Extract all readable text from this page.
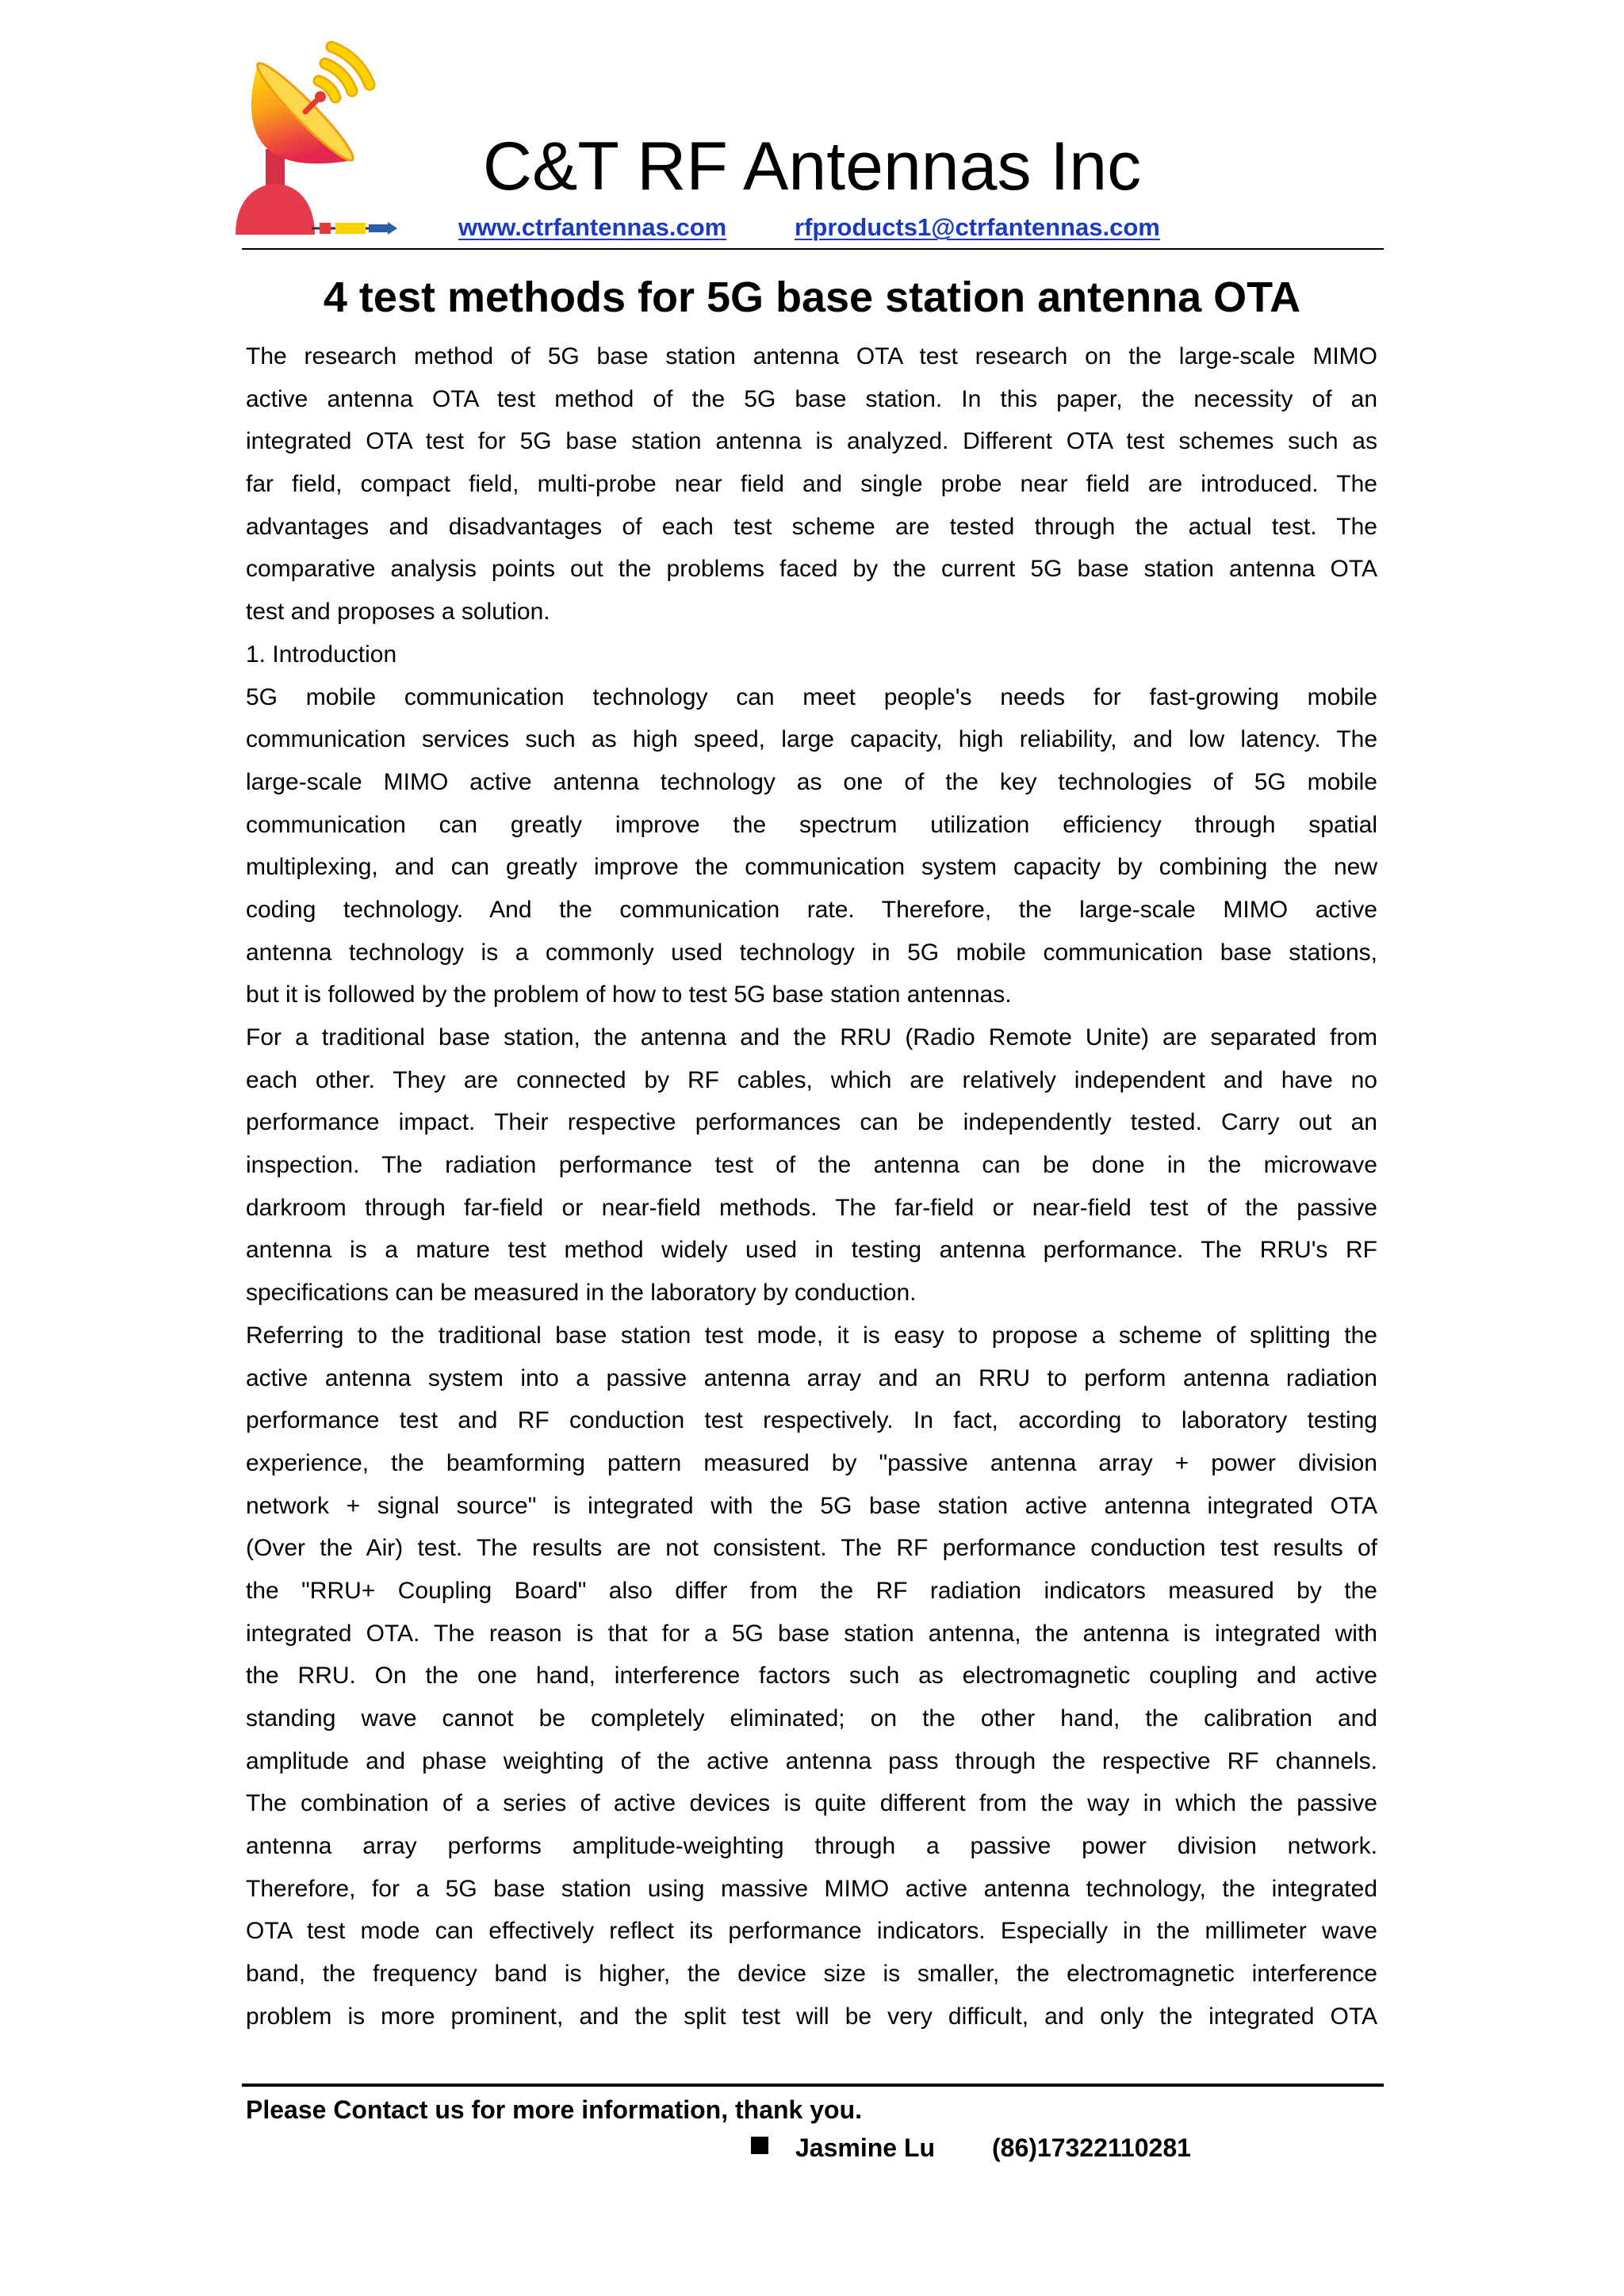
C&T RF Antennas Inc
www.ctrfantennas.com	rfproducts1@ctrfantennas.com
4 test methods for 5G base station antenna OTA
The research method of 5G base station antenna OTA test research on the large-scale MIMO
active antenna OTA test method of the 5G base station. In this paper, the necessity of an
integrated OTA test for 5G base station antenna is analyzed. Different OTA test schemes such as
far field, compact field, multi-probe near field and single probe near field are introduced. The
advantages and disadvantages of each test scheme are tested through the actual test. The
comparative analysis points out the problems faced by the current 5G base station antenna OTA
test and proposes a solution.
1. Introduction
5G mobile communication technology can meet people's needs for fast-growing mobile
communication services such as high speed, large capacity, high reliability, and low latency. The
large-scale MIMO active antenna technology as one of the key technologies of 5G mobile
communication can greatly improve the spectrum utilization efficiency through spatial
multiplexing, and can greatly improve the communication system capacity by combining the new
coding technology. And the communication rate. Therefore, the large-scale MIMO active
antenna technology is a commonly used technology in 5G mobile communication base stations,
but it is followed by the problem of how to test 5G base station antennas.
For a traditional base station, the antenna and the RRU (Radio Remote Unite) are separated from
each other. They are connected by RF cables, which are relatively independent and have no
performance impact. Their respective performances can be independently tested. Carry out an
inspection. The radiation performance test of the antenna can be done in the microwave
darkroom through far-field or near-field methods. The far-field or near-field test of the passive
antenna is a mature test method widely used in testing antenna performance. The RRU's RF
specifications can be measured in the laboratory by conduction.
Referring to the traditional base station test mode, it is easy to propose a scheme of splitting the
active antenna system into a passive antenna array and an RRU to perform antenna radiation
performance test and RF conduction test respectively. In fact, according to laboratory testing
experience, the beamforming pattern measured by "passive antenna array + power division
network + signal source" is integrated with the 5G base station active antenna integrated OTA
(Over the Air) test. The results are not consistent. The RF performance conduction test results of
the "RRU+ Coupling Board" also differ from the RF radiation indicators measured by the
integrated OTA. The reason is that for a 5G base station antenna, the antenna is integrated with
the RRU. On the one hand, interference factors such as electromagnetic coupling and active
standing wave cannot be completely eliminated; on the other hand, the calibration and
amplitude and phase weighting of the active antenna pass through the respective RF channels.
The combination of a series of active devices is quite different from the way in which the passive
antenna array performs amplitude-weighting through a passive power division network.
Therefore, for a 5G base station using massive MIMO active antenna technology, the integrated
OTA test mode can effectively reflect its performance indicators. Especially in the millimeter wave
band, the frequency band is higher, the device size is smaller, the electromagnetic interference
problem is more prominent, and the split test will be very difficult, and only the integrated OTA
Please Contact us for more information, thank you.
Jasmine Lu (86)17322110281
